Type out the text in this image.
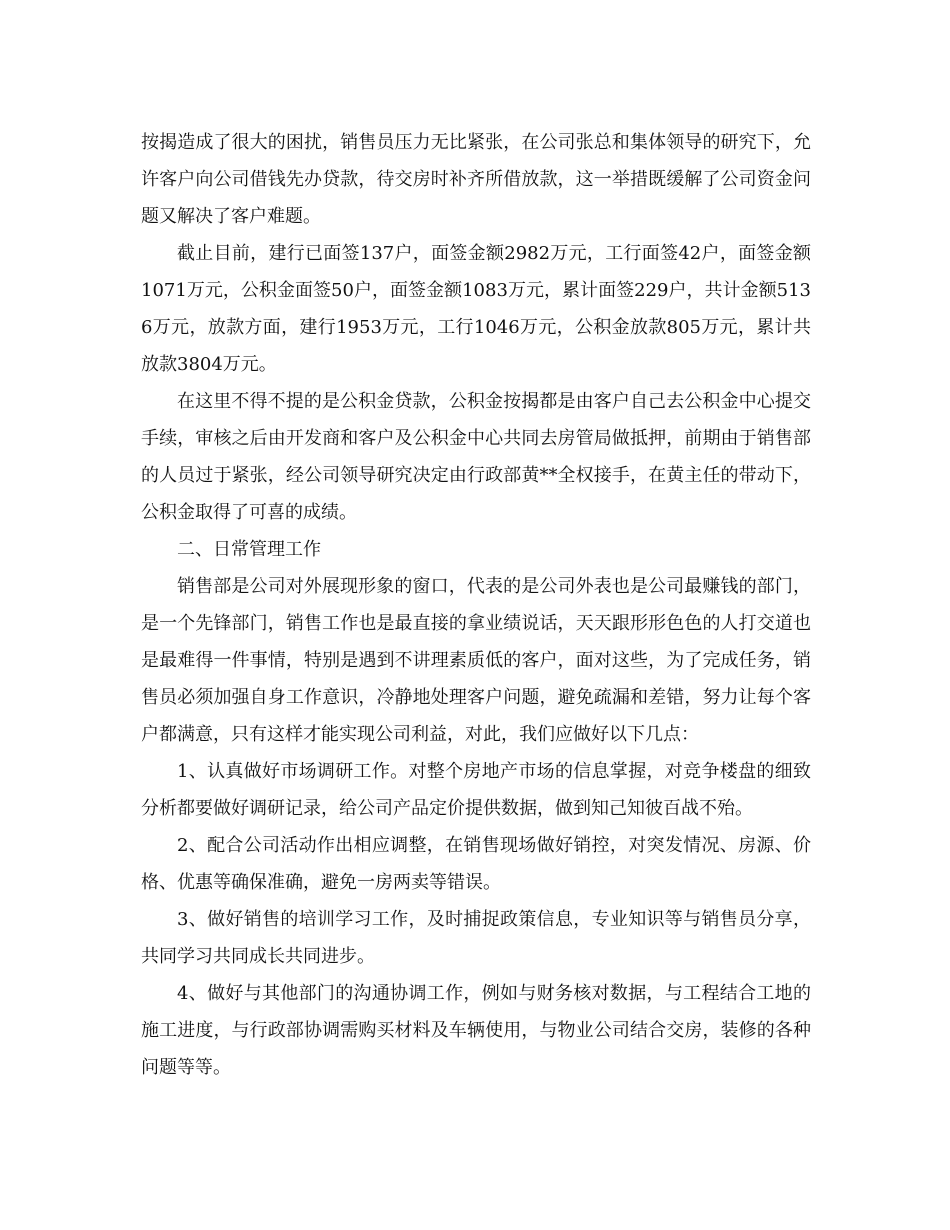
按揭造成了很大的困扰，销售员压力无比紧张，在公司张总和集体领导的研究下，允许客户向公司借钱先办贷款，待交房时补齐所借放款，这一举措既缓解了公司资金问题又解决了客户难题。

截止目前，建行已面签137户，面签金额2982万元，工行面签42户，面签金额1071万元，公积金面签50户，面签金额1083万元，累计面签229户，共计金额5136万元，放款方面，建行1953万元，工行1046万元，公积金放款805万元，累计共放款3804万元。

在这里不得不提的是公积金贷款，公积金按揭都是由客户自己去公积金中心提交手续，审核之后由开发商和客户及公积金中心共同去房管局做抵押，前期由于销售部的人员过于紧张，经公司领导研究决定由行政部黄**全权接手，在黄主任的带动下，公积金取得了可喜的成绩。

二、日常管理工作

销售部是公司对外展现形象的窗口，代表的是公司外表也是公司最赚钱的部门，是一个先锋部门，销售工作也是最直接的拿业绩说话，天天跟形形色色的人打交道也是最难得一件事情，特别是遇到不讲理素质低的客户，面对这些，为了完成任务，销售员必须加强自身工作意识，冷静地处理客户问题，避免疏漏和差错，努力让每个客户都满意，只有这样才能实现公司利益，对此，我们应做好以下几点：

1、认真做好市场调研工作。对整个房地产市场的信息掌握，对竞争楼盘的细致分析都要做好调研记录，给公司产品定价提供数据，做到知己知彼百战不殆。

2、配合公司活动作出相应调整，在销售现场做好销控，对突发情况、房源、价格、优惠等确保准确，避免一房两卖等错误。

3、做好销售的培训学习工作，及时捕捉政策信息，专业知识等与销售员分享，共同学习共同成长共同进步。

4、做好与其他部门的沟通协调工作，例如与财务核对数据，与工程结合工地的施工进度，与行政部协调需购买材料及车辆使用，与物业公司结合交房，装修的各种问题等等。
